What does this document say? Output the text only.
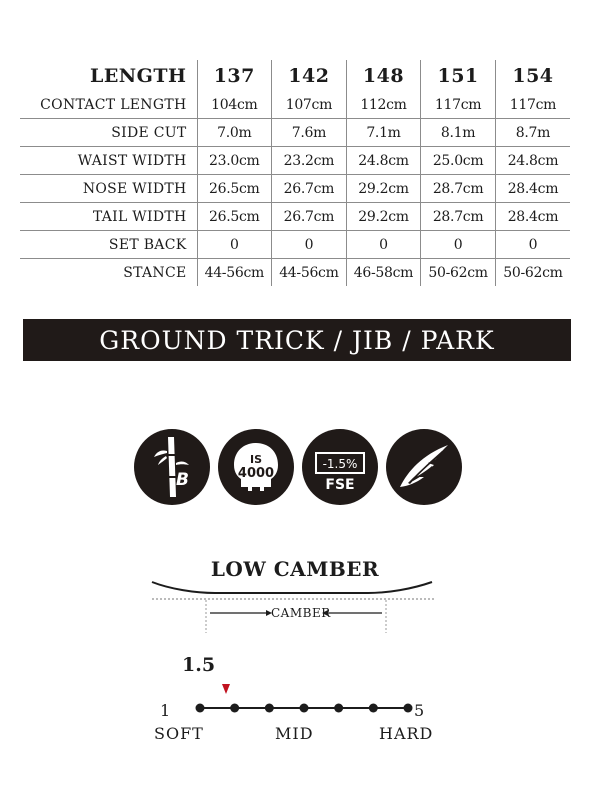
LENGTH	137	142	148	151	154
CONTACT LENGTH	104cm	107cm	112cm	117cm	117cm
SIDE CUT	7.0m	7.6m	7.1m	8.1m	8.7m
WAIST WIDTH	23.0cm	23.2cm	24.8cm	25.0cm	24.8cm
NOSE WIDTH	26.5cm	26.7cm	29.2cm	28.7cm	28.4cm
TAIL WIDTH	26.5cm	26.7cm	29.2cm	28.7cm	28.4cm
SET BACK	0	0	0	0	0
STANCE	44-56cm	44-56cm	46-58cm	50-62cm	50-62cm
GROUND TRICK / JIB / PARK
B
IS
4000
-1.5%
FSE
LOW CAMBER
CAMBER
1.5
1	5
SOFT	MID	HARD
